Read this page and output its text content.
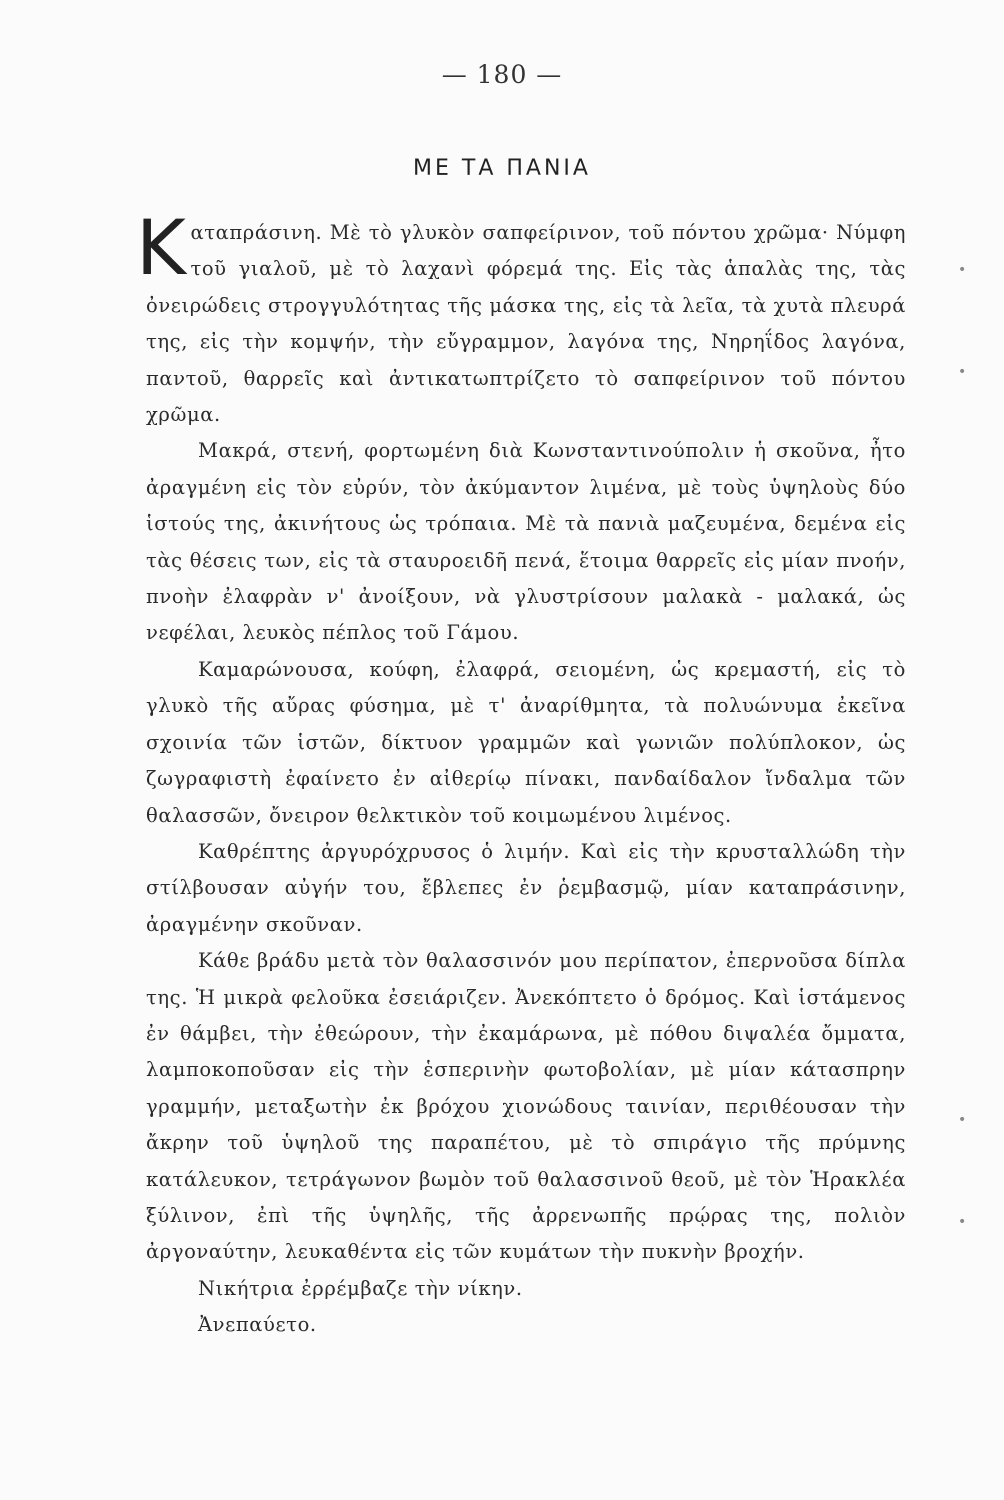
— 180 —
ΜΕ ΤΑ ΠΑΝΙΑ

Καταπράσινη. Μὲ τὸ γλυκὸν σαπφείρινον, τοῦ πόντου χρῶμα· Νύμφη τοῦ γιαλοῦ, μὲ τὸ λαχανὶ φόρεμά της. Εἰς τὰς ἁπαλὰς της, τὰς ὀνειρώδεις στρογγυλότητας τῆς μάσκα της, εἰς τὰ λεῖα, τὰ χυτὰ πλευρά της, εἰς τὴν κομψήν, τὴν εὔγραμμον, λαγόνα της, Νηρηΐδος λαγόνα, παντοῦ, θαρρεῖς καὶ ἀντικατωπτρίζετο τὸ σαπφείρινον τοῦ πόντου χρῶμα.

Μακρά, στενή, φορτωμένη διὰ Κωνσταντινούπολιν ἡ σκοῦνα, ἦτο ἀραγμένη εἰς τὸν εὐρύν, τὸν ἀκύμαντον λιμένα, μὲ τοὺς ὑψηλοὺς δύο ἱστούς της, ἀκινήτους ὡς τρόπαια. Μὲ τὰ πανιὰ μαζευμένα, δεμένα εἰς τὰς θέσεις των, εἰς τὰ σταυροειδῆ πενά, ἕτοιμα θαρρεῖς εἰς μίαν πνοήν, πνοὴν ἐλαφρὰν ν' ἀνοίξουν, νὰ γλυστρίσουν μαλακὰ - μαλακά, ὡς νεφέλαι, λευκὸς πέπλος τοῦ Γάμου.

Καμαρώνουσα, κούφη, ἐλαφρά, σειομένη, ὡς κρεμαστή, εἰς τὸ γλυκὸ τῆς αὔρας φύσημα, μὲ τ' ἀναρίθμητα, τὰ πολυώνυμα ἐκεῖνα σχοινία τῶν ἱστῶν, δίκτυον γραμμῶν καὶ γωνιῶν πολύπλοκον, ὡς ζωγραφιστὴ ἐφαίνετο ἐν αἰθερίῳ πίνακι, πανδαίδαλον ἴνδαλμα τῶν θαλασσῶν, ὄνειρον θελκτικὸν τοῦ κοιμωμένου λιμένος.

Καθρέπτης ἀργυρόχρυσος ὁ λιμήν. Καὶ εἰς τὴν κρυσταλλώδη τὴν στίλβουσαν αὐγήν του, ἔβλεπες ἐν ῥεμβασμῷ, μίαν καταπράσινην, ἀραγμένην σκοῦναν.

Κάθε βράδυ μετὰ τὸν θαλασσινόν μου περίπατον, ἐπερνοῦσα δίπλα της. Ἡ μικρὰ φελοῦκα ἐσειάριζεν. Ἀνεκόπτετο ὁ δρόμος. Καὶ ἱστάμενος ἐν θάμβει, τὴν ἐθεώρουν, τὴν ἐκαμάρωνα, μὲ πόθου διψαλέα ὄμματα, λαμποκοποῦσαν εἰς τὴν ἑσπερινὴν φωτοβολίαν, μὲ μίαν κάτασπρην γραμμήν, μεταξωτὴν ἐκ βρόχου χιονώδους ταινίαν, περιθέουσαν τὴν ἄκρην τοῦ ὑψηλοῦ της παραπέτου, μὲ τὸ σπιράγιο τῆς πρύμνης κατάλευκον, τετράγωνον βωμὸν τοῦ θαλασσινοῦ θεοῦ, μὲ τὸν Ἡρακλέα ξύλινον, ἐπὶ τῆς ὑψηλῆς, τῆς ἀρρενωπῆς πρῴρας της, πολιὸν ἀργοναύτην, λευκαθέντα εἰς τῶν κυμάτων τὴν πυκνὴν βροχήν.

Νικήτρια ἐρρέμβαζε τὴν νίκην.

Ἀνεπαύετο.

•
•
•
•
